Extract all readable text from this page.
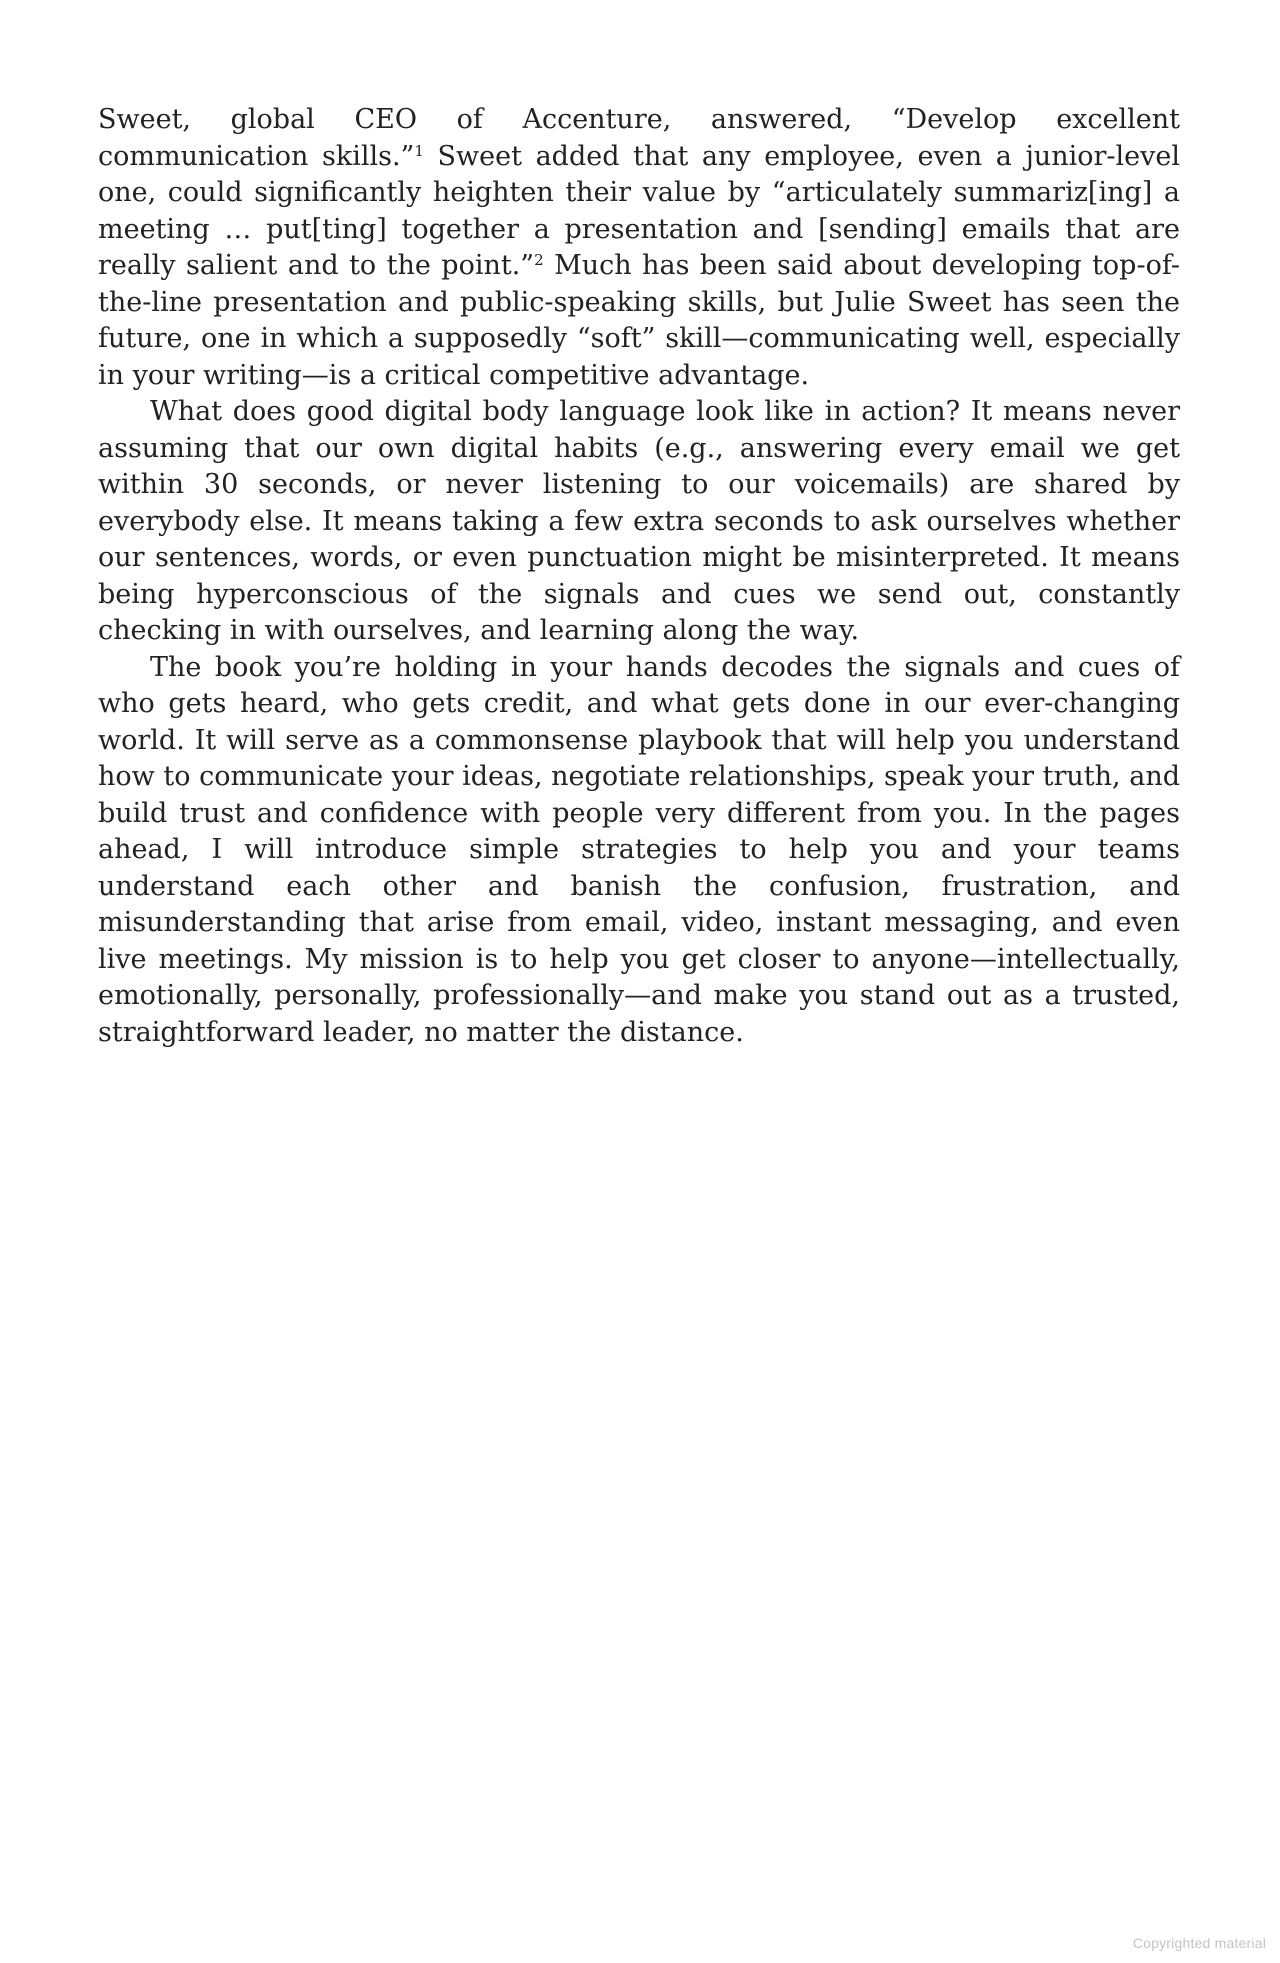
Sweet, global CEO of Accenture, answered, “Develop excellent communication skills.”$^1$ Sweet added that any employee, even a junior-level one, could significantly heighten their value by “articulately summariz[ing] a meeting … put[ting] together a presentation and [sending] emails that are really salient and to the point.”$^2$ Much has been said about developing top-of-the-line presentation and public-speaking skills, but Julie Sweet has seen the future, one in which a supposedly “soft” skill—communicating well, especially in your writing—is a critical competitive advantage.

What does good digital body language look like in action? It means never assuming that our own digital habits (e.g., answering every email we get within 30 seconds, or never listening to our voicemails) are shared by everybody else. It means taking a few extra seconds to ask ourselves whether our sentences, words, or even punctuation might be misinterpreted. It means being hyperconscious of the signals and cues we send out, constantly checking in with ourselves, and learning along the way.

The book you’re holding in your hands decodes the signals and cues of who gets heard, who gets credit, and what gets done in our ever-changing world. It will serve as a commonsense playbook that will help you understand how to communicate your ideas, negotiate relationships, speak your truth, and build trust and confidence with people very different from you. In the pages ahead, I will introduce simple strategies to help you and your teams understand each other and banish the confusion, frustration, and misunderstanding that arise from email, video, instant messaging, and even live meetings. My mission is to help you get closer to anyone—intellectually, emotionally, personally, professionally—and make you stand out as a trusted, straightforward leader, no matter the distance.

Copyrighted material
